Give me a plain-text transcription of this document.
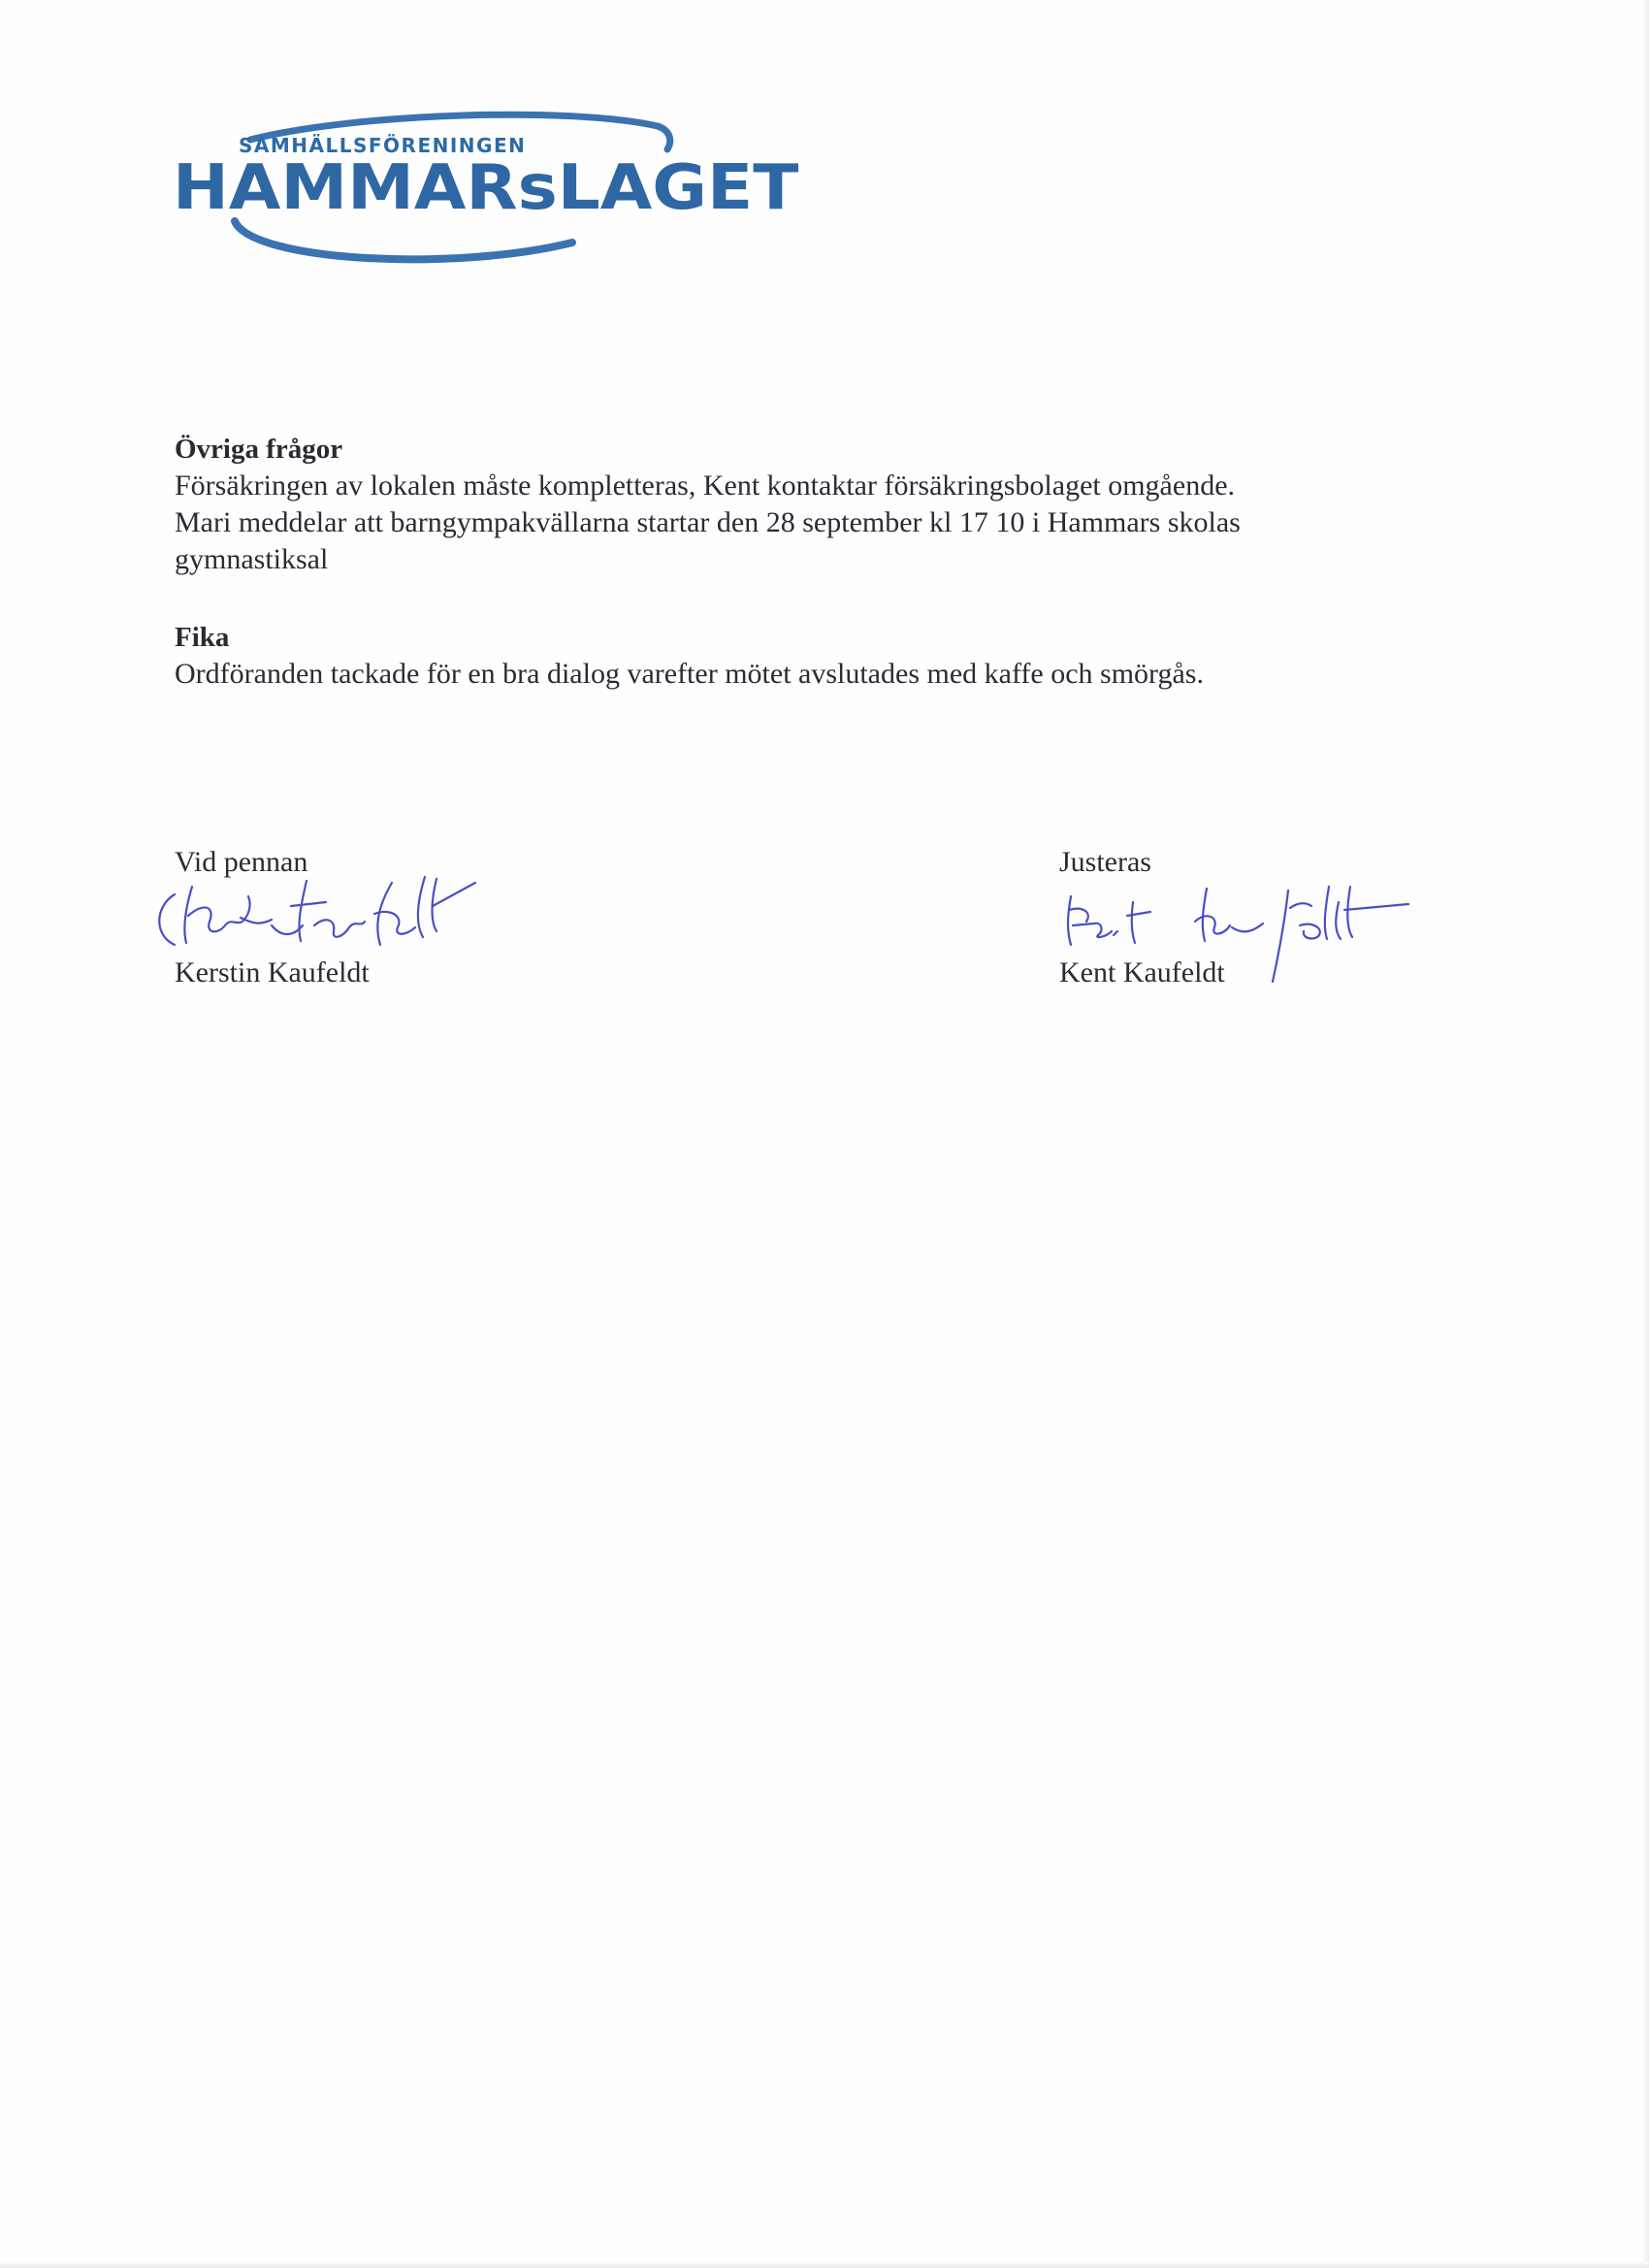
SAMHÄLLSFÖRENINGEN
HAMMARsLAGET
Övriga frågor
Försäkringen av lokalen måste kompletteras, Kent kontaktar försäkringsbolaget omgående.
Mari meddelar att barngympakvällarna startar den 28 september kl 17 10 i Hammars skolas
gymnastiksal
Fika
Ordföranden tackade för en bra dialog varefter mötet avslutades med kaffe och smörgås.
Vid pennan
Kerstin Kaufeldt
Justeras
Kent Kaufeldt
